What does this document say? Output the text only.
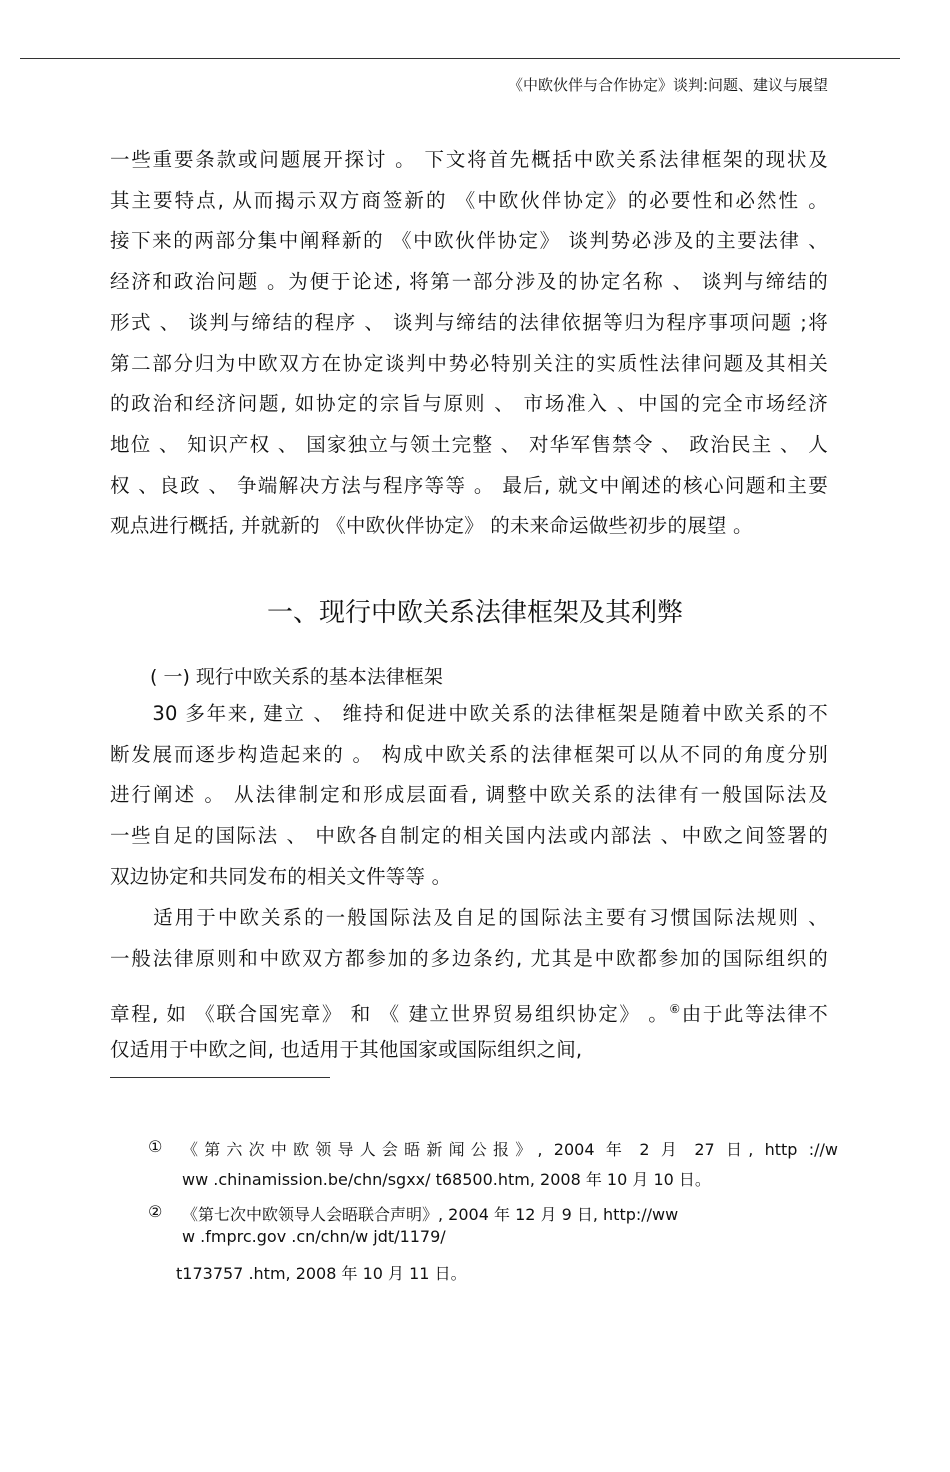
《中欧伙伴与合作协定》谈判:问题、建议与展望
一些重要条款或问题展开探讨 。 下文将首先概括中欧关系法律框架的现状及
其主要特点, 从而揭示双方商签新的 《中欧伙伴协定》的必要性和必然性 。
接下来的两部分集中阐释新的 《中欧伙伴协定》 谈判势必涉及的主要法律 、
经济和政治问题 。为便于论述, 将第一部分涉及的协定名称 、 谈判与缔结的
形式 、 谈判与缔结的程序 、 谈判与缔结的法律依据等归为程序事项问题 ;将
第二部分归为中欧双方在协定谈判中势必特别关注的实质性法律问题及其相关
的政治和经济问题, 如协定的宗旨与原则 、 市场准入 、中国的完全市场经济
地位 、 知识产权 、 国家独立与领土完整 、 对华军售禁令 、 政治民主 、 人
权 、良政 、 争端解决方法与程序等等 。 最后, 就文中阐述的核心问题和主要
观点进行概括, 并就新的 《中欧伙伴协定》 的未来命运做些初步的展望 。
一、现行中欧关系法律框架及其利弊
( 一) 现行中欧关系的基本法律框架
　　30 多年来, 建立 、 维持和促进中欧关系的法律框架是随着中欧关系的不
断发展而逐步构造起来的 。 构成中欧关系的法律框架可以从不同的角度分别
进行阐述 。 从法律制定和形成层面看, 调整中欧关系的法律有一般国际法及
一些自足的国际法 、 中欧各自制定的相关国内法或内部法 、中欧之间签署的
双边协定和共同发布的相关文件等等 。
　　适用于中欧关系的一般国际法及自足的国际法主要有习惯国际法规则 、
一般法律原则和中欧双方都参加的多边条约, 尤其是中欧都参加的国际组织的
章程, 如 《联合国宪章》 和 《 建立世界贸易组织协定》 。⑥由于此等法律不
仅适用于中欧之间, 也适用于其他国家或国际组织之间,
① 《第六次中欧领导人会晤新闻公报》, 2004 年 2 月 27 日, http ://w
ww .chinamission.be/chn/sgxx/ t68500.htm, 2008 年 10 月 10 日。
② 《第七次中欧领导人会晤联合声明》, 2004 年 12 月 9 日, http://ww
w .fmprc.gov .cn/chn/w jdt/1179/
t173757 .htm, 2008 年 10 月 11 日。
